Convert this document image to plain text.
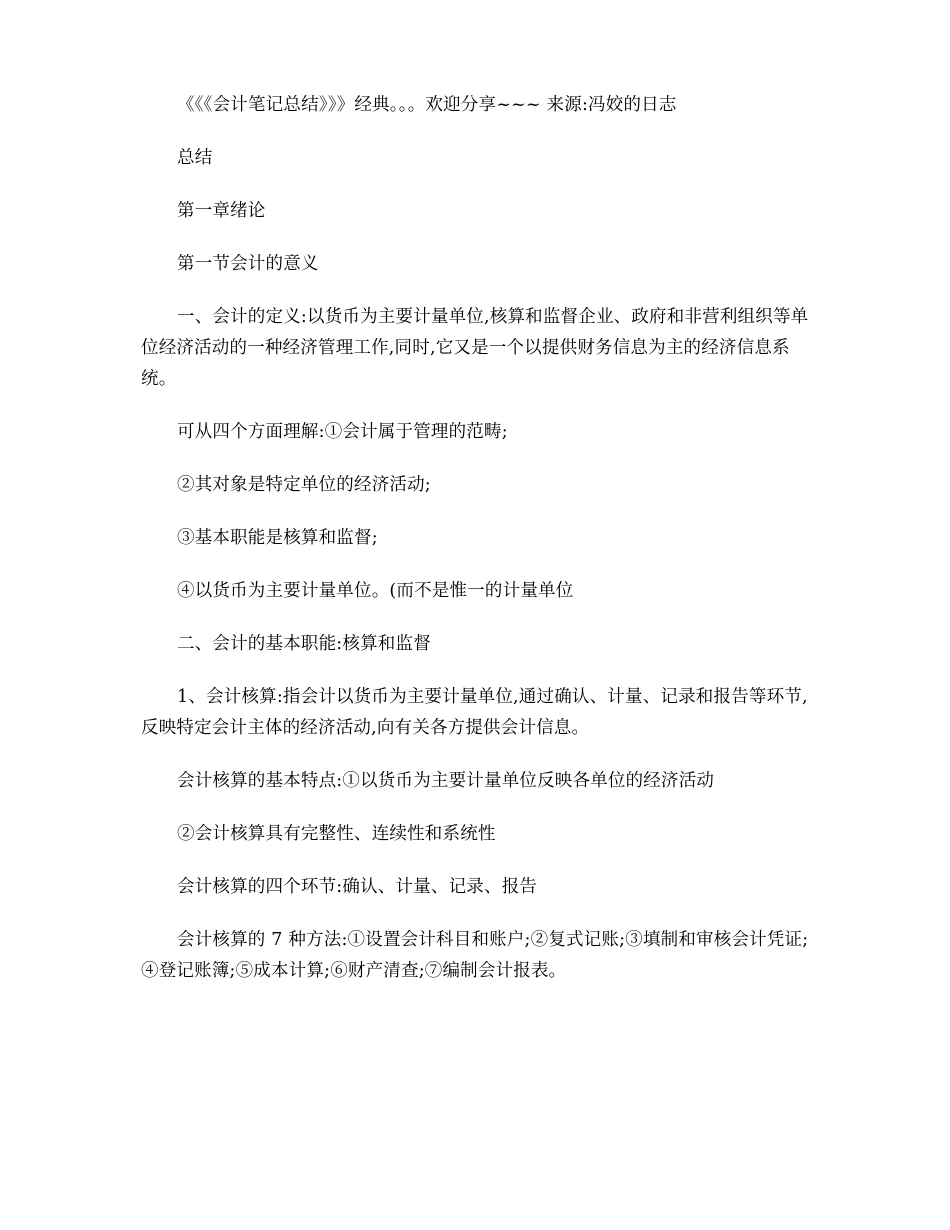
《《《会计笔记总结》》》经典。。。欢迎分享~~~ 来源:冯姣的日志

总结

第一章绪论

第一节会计的意义

一、会计的定义:以货币为主要计量单位,核算和监督企业、政府和非营利组织等单位经济活动的一种经济管理工作,同时,它又是一个以提供财务信息为主的经济信息系统。

可从四个方面理解:①会计属于管理的范畴;

②其对象是特定单位的经济活动;

③基本职能是核算和监督;

④以货币为主要计量单位。(而不是惟一的计量单位

二、会计的基本职能:核算和监督

1、会计核算:指会计以货币为主要计量单位,通过确认、计量、记录和报告等环节,反映特定会计主体的经济活动,向有关各方提供会计信息。

会计核算的基本特点:①以货币为主要计量单位反映各单位的经济活动

②会计核算具有完整性、连续性和系统性

会计核算的四个环节:确认、计量、记录、报告

会计核算的 7 种方法:①设置会计科目和账户;②复式记账;③填制和审核会计凭证;④登记账簿;⑤成本计算;⑥财产清查;⑦编制会计报表。
